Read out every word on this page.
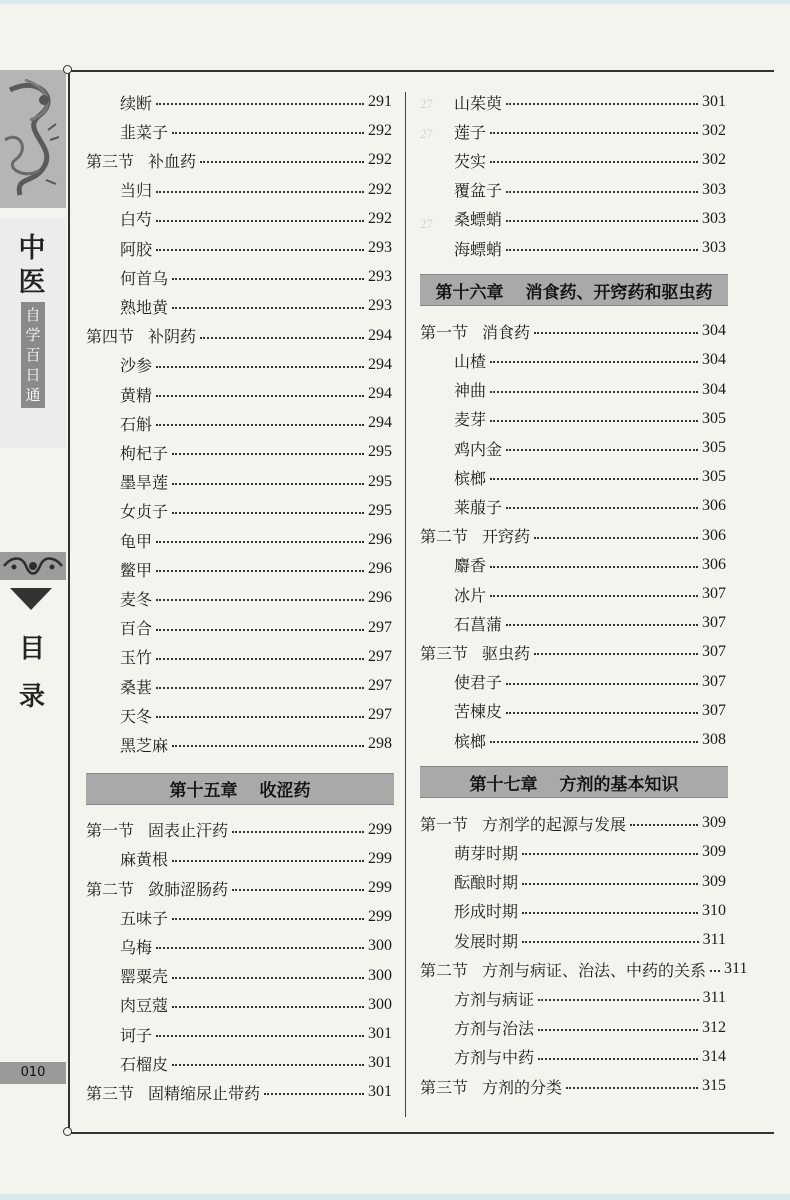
中
医
自
学
百
日
通
目
录
010
27
27
27
续断	291
韭菜子	292
第三节 补血药	292
当归	292
白芍	292
阿胶	293
何首乌	293
熟地黄	293
第四节 补阴药	294
沙参	294
黄精	294
石斛	294
枸杞子	295
墨旱莲	295
女贞子	295
龟甲	296
鳖甲	296
麦冬	296
百合	297
玉竹	297
桑葚	297
天冬	297
黑芝麻	298
第十五章 收涩药
第一节 固表止汗药	299
麻黄根	299
第二节 敛肺涩肠药	299
五味子	299
乌梅	300
罂粟壳	300
肉豆蔻	300
诃子	301
石榴皮	301
第三节 固精缩尿止带药	301
山茱萸	301
莲子	302
芡实	302
覆盆子	303
桑螵蛸	303
海螵蛸	303
第十六章 消食药、开窍药和驱虫药
第一节 消食药	304
山楂	304
神曲	304
麦芽	305
鸡内金	305
槟榔	305
莱菔子	306
第二节 开窍药	306
麝香	306
冰片	307
石菖蒲	307
第三节 驱虫药	307
使君子	307
苦楝皮	307
槟榔	308
第十七章 方剂的基本知识
第一节 方剂学的起源与发展	309
萌芽时期	309
酝酿时期	309
形成时期	310
发展时期	311
第二节 方剂与病证、治法、中药的关系 311
方剂与病证	311
方剂与治法	312
方剂与中药	314
第三节 方剂的分类	315
